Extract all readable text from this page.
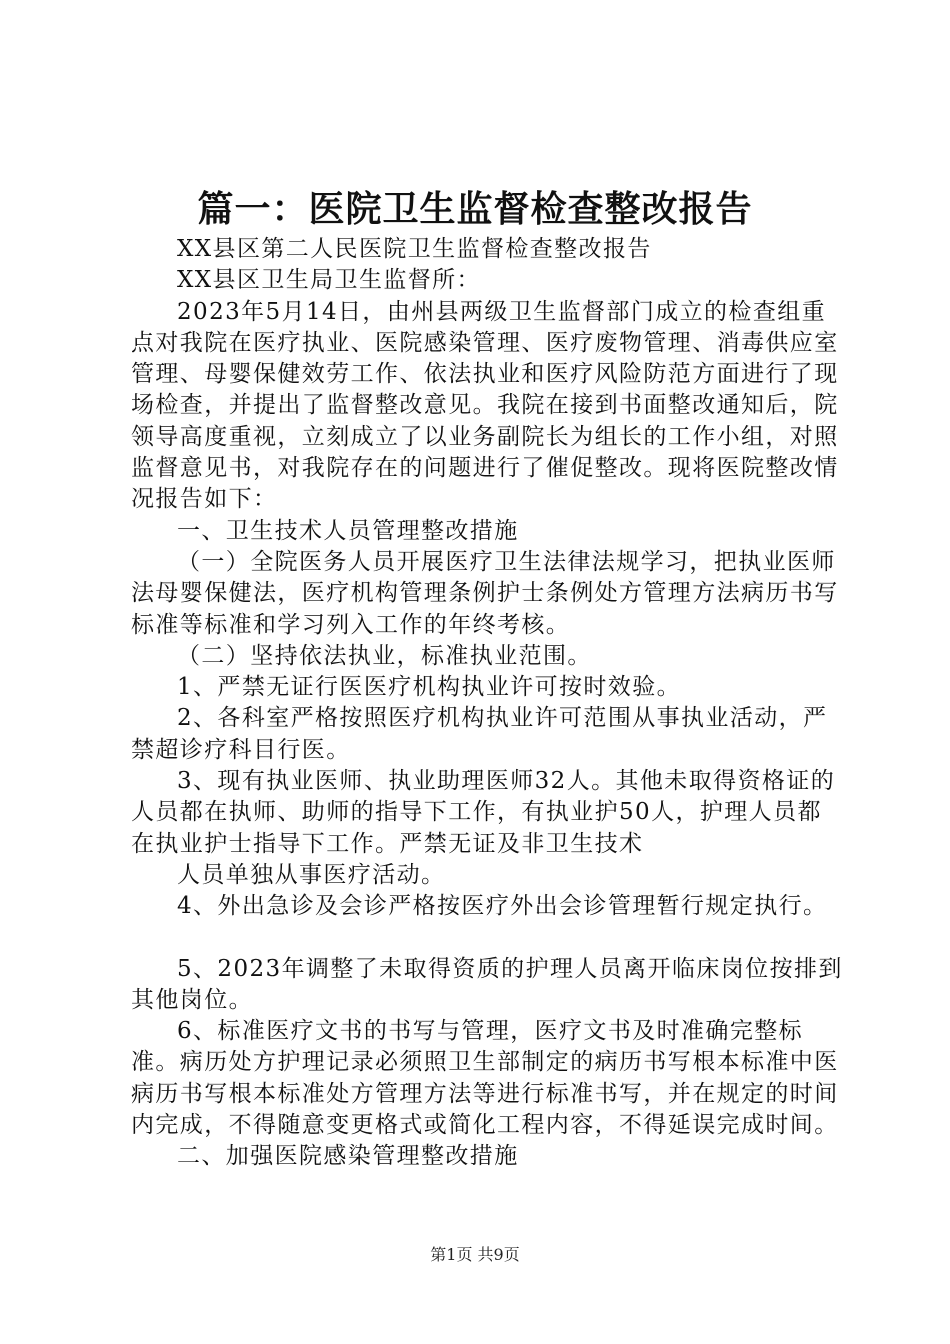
篇一：医院卫生监督检查整改报告

XX县区第二人民医院卫生监督检查整改报告

XX县区卫生局卫生监督所：

2023年5月14日，由州县两级卫生监督部门成立的检查组重点对我院在医疗执业、医院感染管理、医疗废物管理、消毒供应室管理、母婴保健效劳工作、依法执业和医疗风险防范方面进行了现场检查，并提出了监督整改意见。我院在接到书面整改通知后，院领导高度重视，立刻成立了以业务副院长为组长的工作小组，对照监督意见书，对我院存在的问题进行了催促整改。现将医院整改情况报告如下：

一、卫生技术人员管理整改措施

（一）全院医务人员开展医疗卫生法律法规学习，把执业医师法母婴保健法，医疗机构管理条例护士条例处方管理方法病历书写标准等标准和学习列入工作的年终考核。

（二）坚持依法执业，标准执业范围。

1、严禁无证行医医疗机构执业许可按时效验。

2、各科室严格按照医疗机构执业许可范围从事执业活动，严禁超诊疗科目行医。

3、现有执业医师、执业助理医师32人。其他未取得资格证的人员都在执师、助师的指导下工作，有执业护50人，护理人员都在执业护士指导下工作。严禁无证及非卫生技术

人员单独从事医疗活动。

4、外出急诊及会诊严格按医疗外出会诊管理暂行规定执行。

5、2023年调整了未取得资质的护理人员离开临床岗位按排到其他岗位。

6、标准医疗文书的书写与管理，医疗文书及时准确完整标准。病历处方护理记录必须照卫生部制定的病历书写根本标准中医病历书写根本标准处方管理方法等进行标准书写，并在规定的时间内完成，不得随意变更格式或简化工程内容，不得延误完成时间。

二、加强医院感染管理整改措施

第1页 共9页
